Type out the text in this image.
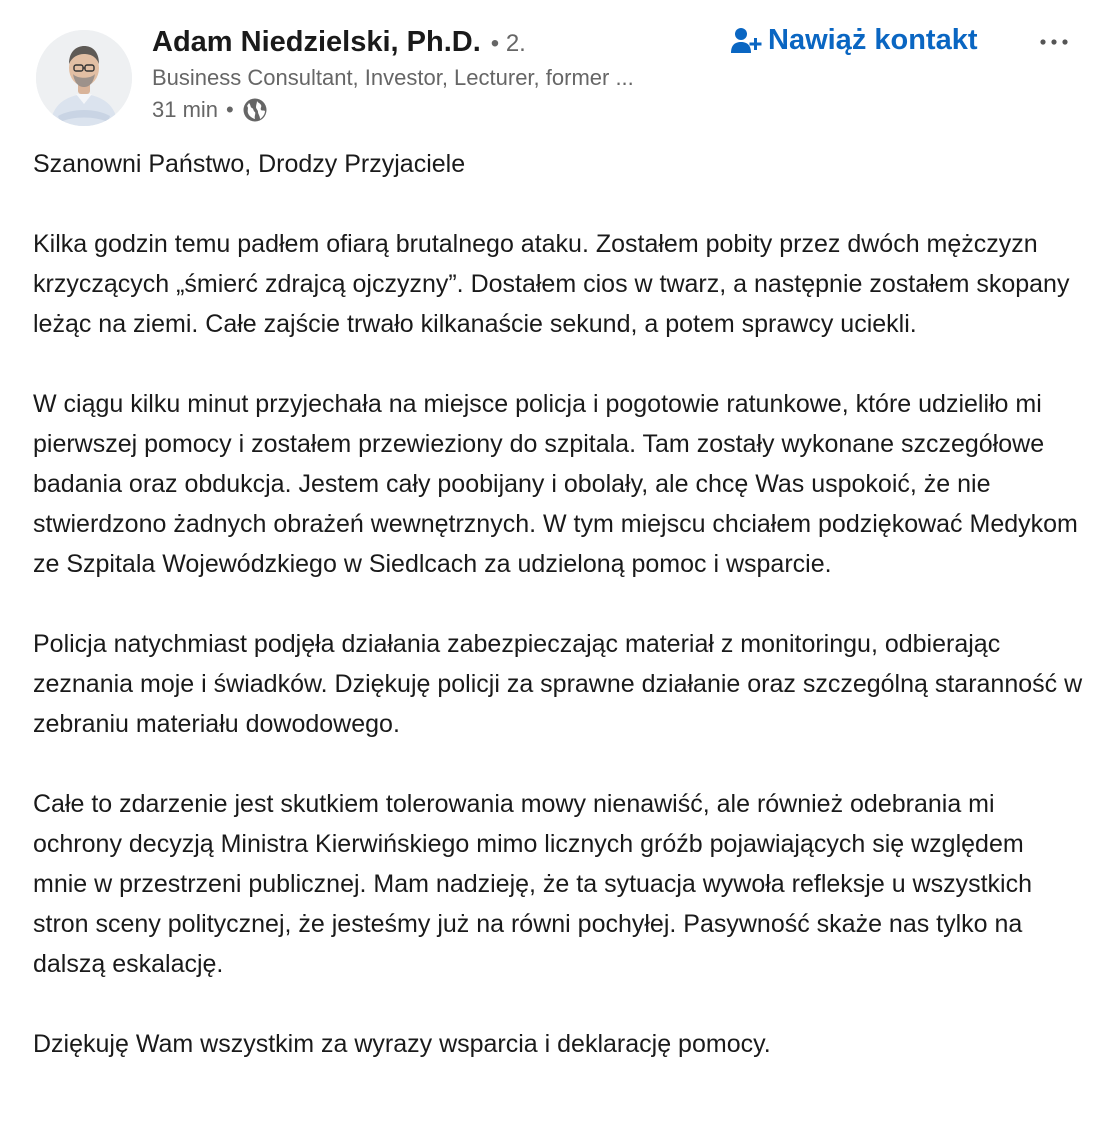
Adam Niedzielski, Ph.D. • 2.
Business Consultant, Investor, Lecturer, former ...
31 min •
Nawiąż kontakt

Szanowni Państwo, Drodzy Przyjaciele

Kilka godzin temu padłem ofiarą brutalnego ataku. Zostałem pobity przez dwóch mężczyzn krzyczących „śmierć zdrajcą ojczyzny”. Dostałem cios w twarz, a następnie zostałem skopany leżąc na ziemi. Całe zajście trwało kilkanaście sekund, a potem sprawcy uciekli.

W ciągu kilku minut przyjechała na miejsce policja i pogotowie ratunkowe, które udzieliło mi pierwszej pomocy i zostałem przewieziony do szpitala. Tam zostały wykonane szczegółowe badania oraz obdukcja. Jestem cały poobijany i obolały, ale chcę Was uspokoić, że nie stwierdzono żadnych obrażeń wewnętrznych. W tym miejscu chciałem podziękować Medykom ze Szpitala Wojewódzkiego w Siedlcach za udzieloną pomoc i wsparcie.

Policja natychmiast podjęła działania zabezpieczając materiał z monitoringu, odbierając zeznania moje i świadków. Dziękuję policji za sprawne działanie oraz szczególną staranność w zebraniu materiału dowodowego.

Całe to zdarzenie jest skutkiem tolerowania mowy nienawiść, ale również odebrania mi ochrony decyzją Ministra Kierwińskiego mimo licznych gróźb pojawiających się względem mnie w przestrzeni publicznej. Mam nadzieję, że ta sytuacja wywoła refleksje u wszystkich stron sceny politycznej, że jesteśmy już na równi pochyłej. Pasywność skaże nas tylko na dalszą eskalację.

Dziękuję Wam wszystkim za wyrazy wsparcia i deklarację pomocy.
